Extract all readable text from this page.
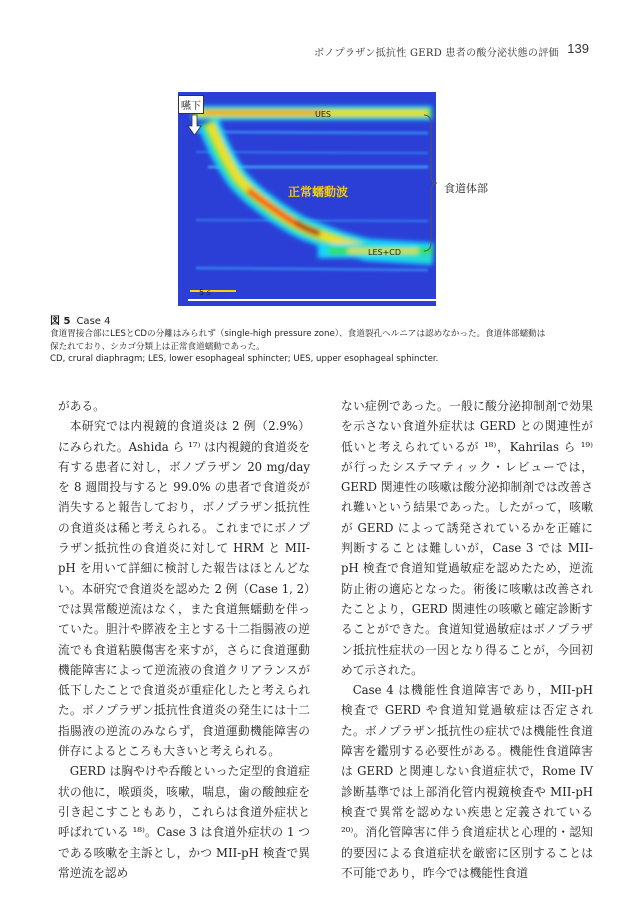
ボノプラザン抵抗性 GERD 患者の酸分泌状態の評価 139
嚥下
UES
正常蠕動波
LES+CD
5 s
食道体部
図 5 Case 4
食道胃接合部にLESとCDの分離はみられず（single-high pressure zone）、食道裂孔ヘルニアは認めなかった。食道体部蠕動は
保たれており、シカゴ分類上は正常食道蠕動であった。
CD, crural diaphragm; LES, lower esophageal sphincter; UES, upper esophageal sphincter.

がある。

本研究では内視鏡的食道炎は 2 例（2.9%）にみられた。Ashida ら ¹⁷⁾ は内視鏡的食道炎を有する患者に対し，ボノプラザン 20 mg/day を 8 週間投与すると 99.0% の患者で食道炎が消失すると報告しており，ボノプラザン抵抗性の食道炎は稀と考えられる。これまでにボノプラザン抵抗性の食道炎に対して HRM と MII-pH を用いて詳細に検討した報告はほとんどない。本研究で食道炎を認めた 2 例（Case 1, 2）では異常酸逆流はなく，また食道無蠕動を伴っていた。胆汁や膵液を主とする十二指腸液の逆流でも食道粘膜傷害を来すが，さらに食道運動機能障害によって逆流液の食道クリアランスが低下したことで食道炎が重症化したと考えられた。ボノプラザン抵抗性食道炎の発生には十二指腸液の逆流のみならず，食道運動機能障害の併存によるところも大きいと考えられる。

GERD は胸やけや呑酸といった定型的食道症状の他に，喉頭炎，咳嗽，喘息，歯の酸蝕症を引き起こすこともあり，これらは食道外症状と呼ばれている ¹⁸⁾。Case 3 は食道外症状の 1 つである咳嗽を主訴とし，かつ MII-pH 検査で異常逆流を認め

ない症例であった。一般に酸分泌抑制剤で効果を示さない食道外症状は GERD との関連性が低いと考えられているが ¹⁸⁾，Kahrilas ら ¹⁹⁾ が行ったシステマティック・レビューでは，GERD 関連性の咳嗽は酸分泌抑制剤では改善され難いという結果であった。したがって，咳嗽が GERD によって誘発されているかを正確に判断することは難しいが，Case 3 では MII-pH 検査で食道知覚過敏症を認めたため，逆流防止術の適応となった。術後に咳嗽は改善されたことより，GERD 関連性の咳嗽と確定診断することができた。食道知覚過敏症はボノプラザン抵抗性症状の一因となり得ることが，今回初めて示された。

Case 4 は機能性食道障害であり，MII-pH 検査で GERD や食道知覚過敏症は否定された。ボノプラザン抵抗性の症状では機能性食道障害を鑑別する必要性がある。機能性食道障害は GERD と関連しない食道症状で，Rome IV 診断基準では上部消化管内視鏡検査や MII-pH 検査で異常を認めない疾患と定義されている ²⁰⁾。消化管障害に伴う食道症状と心理的・認知的要因による食道症状を厳密に区別することは不可能であり，昨今では機能性食道
